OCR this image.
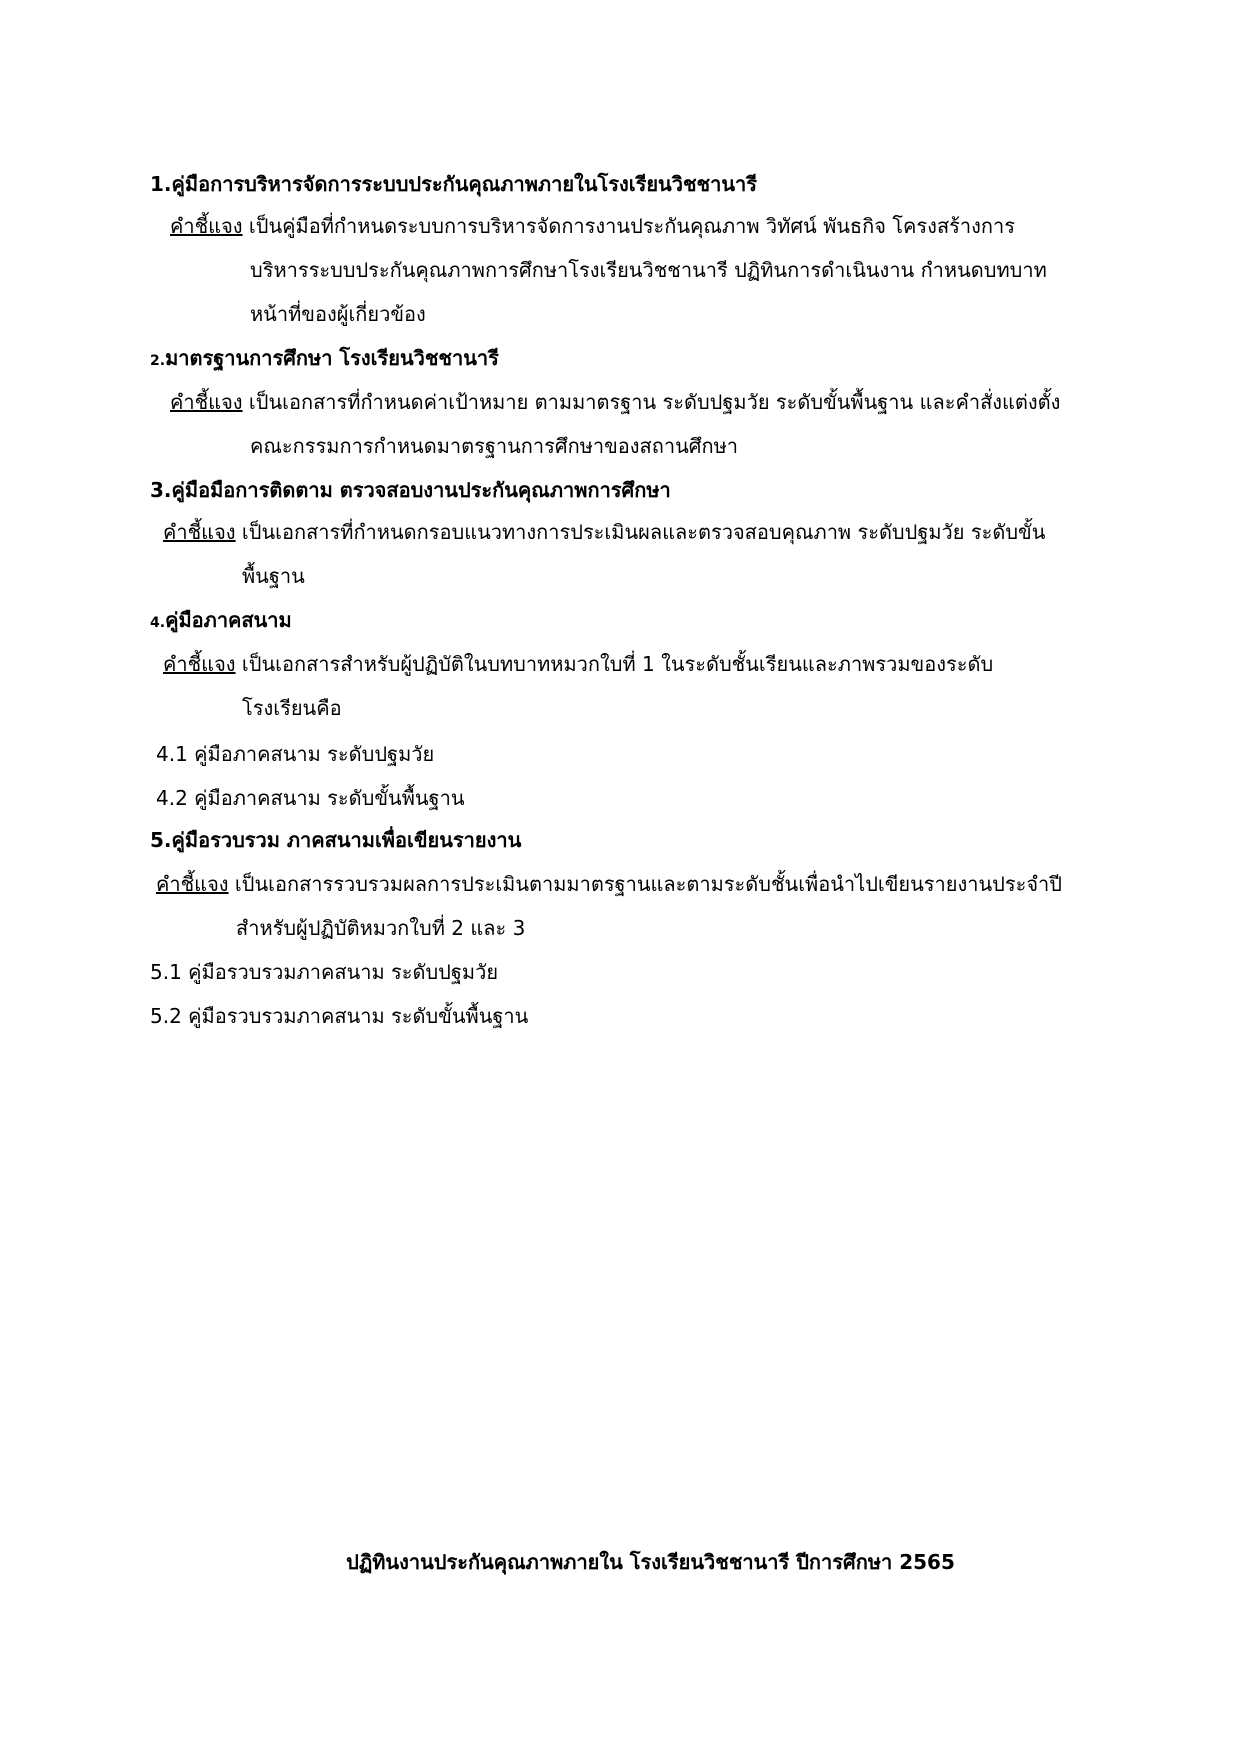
1.คู่มือการบริหารจัดการระบบประกันคุณภาพภายในโรงเรียนวิชชานารี
คำชี้แจง เป็นคู่มือที่กำหนดระบบการบริหารจัดการงานประกันคุณภาพ วิทัศน์ พันธกิจ โครงสร้างการ
บริหารระบบประกันคุณภาพการศึกษาโรงเรียนวิชชานารี ปฏิทินการดำเนินงาน กำหนดบทบาท
หน้าที่ของผู้เกี่ยวข้อง
2.มาตรฐานการศึกษา โรงเรียนวิชชานารี
คำชี้แจง เป็นเอกสารที่กำหนดค่าเป้าหมาย ตามมาตรฐาน ระดับปฐมวัย ระดับขั้นพื้นฐาน และคำสั่งแต่งตั้ง
คณะกรรมการกำหนดมาตรฐานการศึกษาของสถานศึกษา
3.คู่มือมือการติดตาม ตรวจสอบงานประกันคุณภาพการศึกษา
คำชี้แจง เป็นเอกสารที่กำหนดกรอบแนวทางการประเมินผลและตรวจสอบคุณภาพ ระดับปฐมวัย ระดับขั้น
พื้นฐาน
4.คู่มือภาคสนาม
คำชี้แจง เป็นเอกสารสำหรับผู้ปฏิบัติในบทบาทหมวกใบที่ 1 ในระดับชั้นเรียนและภาพรวมของระดับ
โรงเรียนคือ
4.1 คู่มือภาคสนาม ระดับปฐมวัย
4.2 คู่มือภาคสนาม ระดับขั้นพื้นฐาน
5.คู่มือรวบรวม ภาคสนามเพื่อเขียนรายงาน
คำชี้แจง เป็นเอกสารรวบรวมผลการประเมินตามมาตรฐานและตามระดับชั้นเพื่อนำไปเขียนรายงานประจำปี
สำหรับผู้ปฏิบัติหมวกใบที่ 2 และ 3
5.1 คู่มือรวบรวมภาคสนาม ระดับปฐมวัย
5.2 คู่มือรวบรวมภาคสนาม ระดับขั้นพื้นฐาน
ปฏิทินงานประกันคุณภาพภายใน โรงเรียนวิชชานารี ปีการศึกษา 2565
